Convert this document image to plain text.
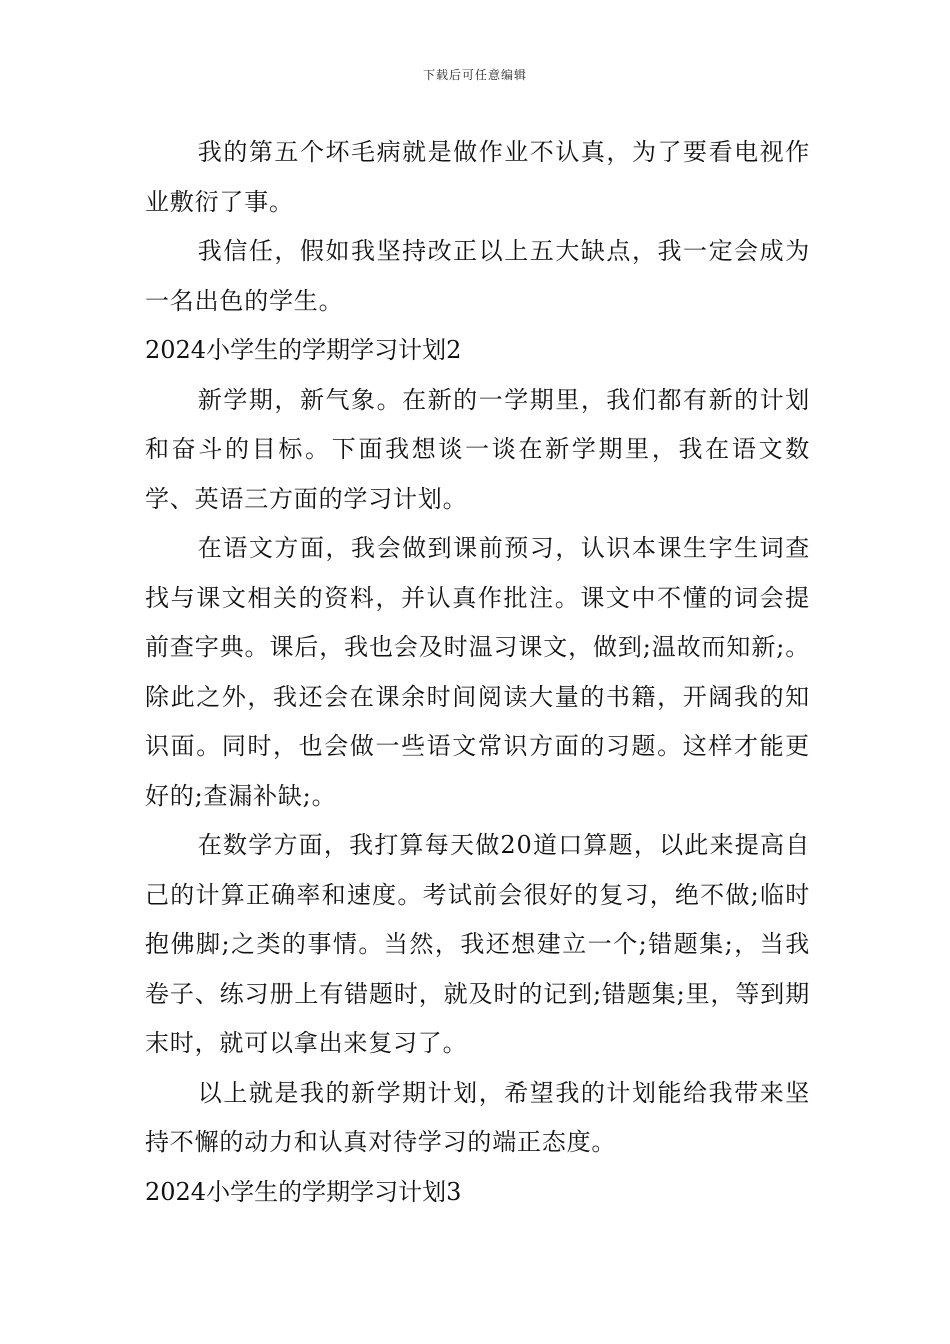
下载后可任意编辑

我的第五个坏毛病就是做作业不认真，为了要看电视作业敷衍了事。

我信任，假如我坚持改正以上五大缺点，我一定会成为一名出色的学生。

2024小学生的学期学习计划2

新学期，新气象。在新的一学期里，我们都有新的计划和奋斗的目标。下面我想谈一谈在新学期里，我在语文数学、英语三方面的学习计划。

在语文方面，我会做到课前预习，认识本课生字生词查找与课文相关的资料，并认真作批注。课文中不懂的词会提前查字典。课后，我也会及时温习课文，做到;温故而知新;。除此之外，我还会在课余时间阅读大量的书籍，开阔我的知识面。同时，也会做一些语文常识方面的习题。这样才能更好的;查漏补缺;。

在数学方面，我打算每天做20道口算题，以此来提高自己的计算正确率和速度。考试前会很好的复习，绝不做;临时抱佛脚;之类的事情。当然，我还想建立一个;错题集;，当我卷子、练习册上有错题时，就及时的记到;错题集;里，等到期末时，就可以拿出来复习了。

以上就是我的新学期计划，希望我的计划能给我带来坚持不懈的动力和认真对待学习的端正态度。

2024小学生的学期学习计划3
